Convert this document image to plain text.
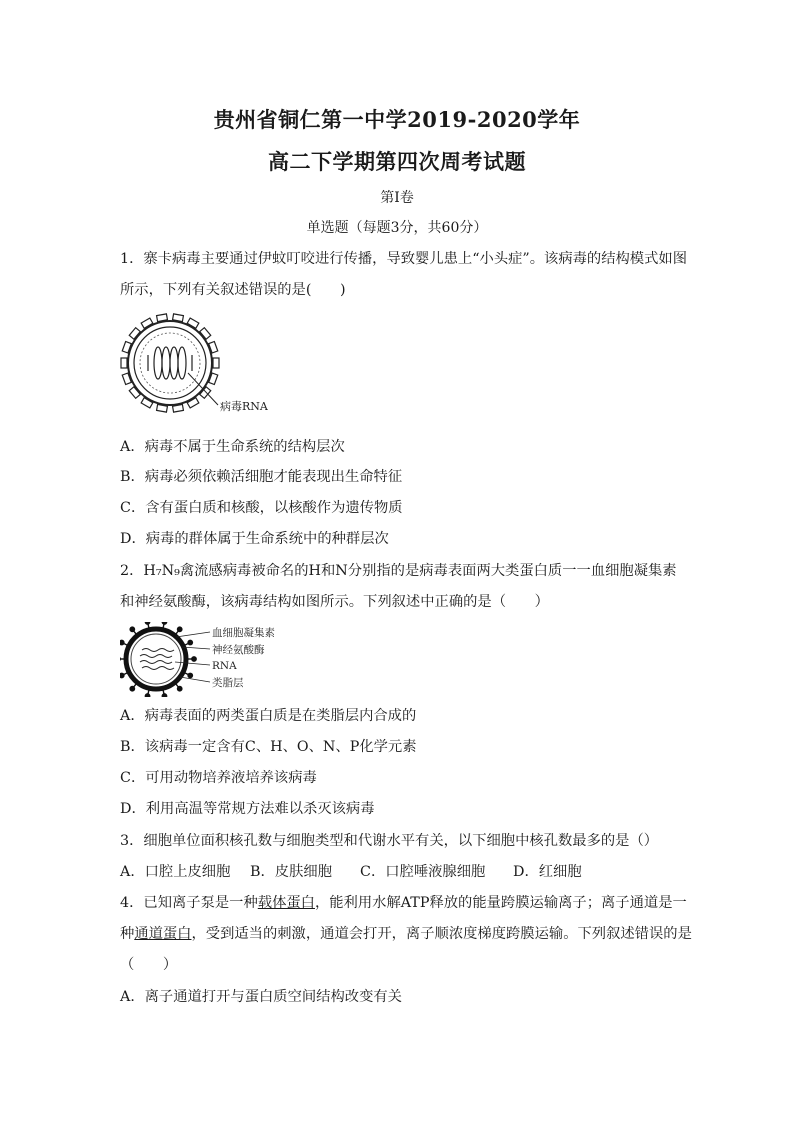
贵州省铜仁第一中学2019-2020学年
高二下学期第四次周考试题
第Ⅰ卷
单选题（每题3分，共60分）
1．寨卡病毒主要通过伊蚊叮咬进行传播，导致婴儿患上“小头症”。该病毒的结构模式如图
所示，下列有关叙述错误的是(　　)
病毒RNA
A．病毒不属于生命系统的结构层次
B．病毒必须依赖活细胞才能表现出生命特征
C．含有蛋白质和核酸，以核酸作为遗传物质
D．病毒的群体属于生命系统中的种群层次
2．H₇N₉禽流感病毒被命名的H和N分别指的是病毒表面两大类蛋白质一一血细胞凝集素
和神经氨酸酶，该病毒结构如图所示。下列叙述中正确的是（　　）
血细胞凝集素
神经氨酸酶
RNA
类脂层
A．病毒表面的两类蛋白质是在类脂层内合成的
B．该病毒一定含有C、H、O、N、P化学元素
C．可用动物培养液培养该病毒
D．利用高温等常规方法难以杀灭该病毒
3．细胞单位面积核孔数与细胞类型和代谢水平有关，以下细胞中核孔数最多的是（）
A．口腔上皮细胞 B．皮肤细胞 C．口腔唾液腺细胞 D．红细胞
4．已知离子泵是一种载体蛋白，能利用水解ATP释放的能量跨膜运输离子；离子通道是一
种通道蛋白，受到适当的刺激，通道会打开，离子顺浓度梯度跨膜运输。下列叙述错误的是
（　　）
A．离子通道打开与蛋白质空间结构改变有关
